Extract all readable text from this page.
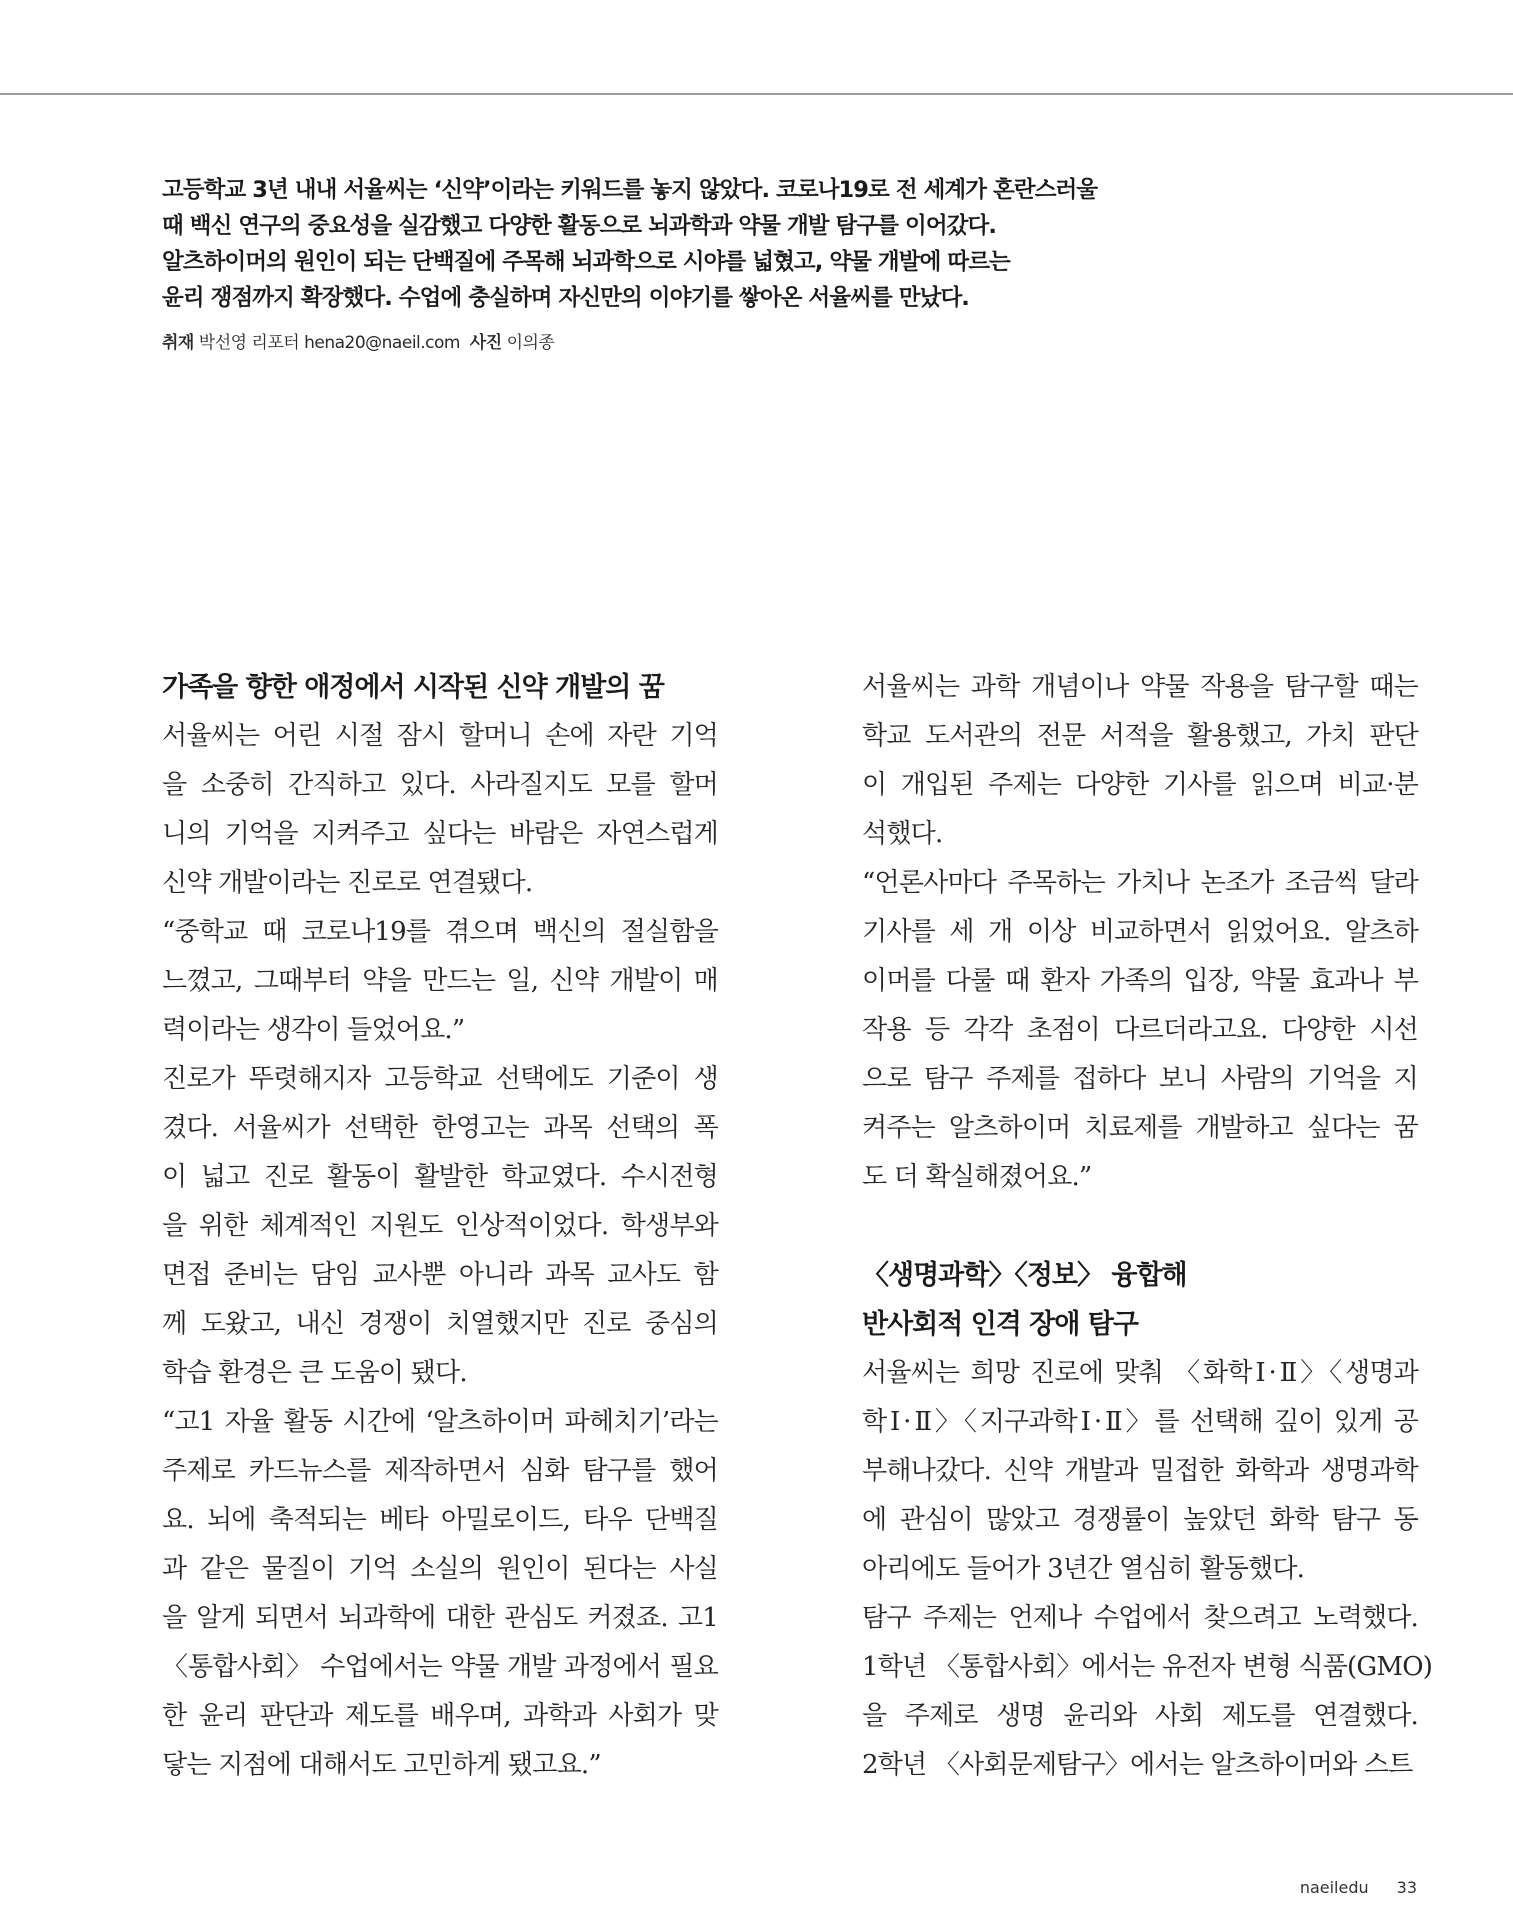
고등학교 3년 내내 서율씨는 ‘신약’이라는 키워드를 놓지 않았다. 코로나19로 전 세계가 혼란스러울
때 백신 연구의 중요성을 실감했고 다양한 활동으로 뇌과학과 약물 개발 탐구를 이어갔다.
알츠하이머의 원인이 되는 단백질에 주목해 뇌과학으로 시야를 넓혔고, 약물 개발에 따르는
윤리 쟁점까지 확장했다. 수업에 충실하며 자신만의 이야기를 쌓아온 서율씨를 만났다.
취재 박선영 리포터 hena20@naeil.com 사진 이의종
가족을 향한 애정에서 시작된 신약 개발의 꿈
서율씨는 어린 시절 잠시 할머니 손에 자란 기억
을 소중히 간직하고 있다. 사라질지도 모를 할머
니의 기억을 지켜주고 싶다는 바람은 자연스럽게
신약 개발이라는 진로로 연결됐다.
“중학교 때 코로나19를 겪으며 백신의 절실함을
느꼈고, 그때부터 약을 만드는 일, 신약 개발이 매
력이라는 생각이 들었어요.”
진로가 뚜렷해지자 고등학교 선택에도 기준이 생
겼다. 서율씨가 선택한 한영고는 과목 선택의 폭
이 넓고 진로 활동이 활발한 학교였다. 수시전형
을 위한 체계적인 지원도 인상적이었다. 학생부와
면접 준비는 담임 교사뿐 아니라 과목 교사도 함
께 도왔고, 내신 경쟁이 치열했지만 진로 중심의
학습 환경은 큰 도움이 됐다.
“고1 자율 활동 시간에 ‘알츠하이머 파헤치기’라는
주제로 카드뉴스를 제작하면서 심화 탐구를 했어
요. 뇌에 축적되는 베타 아밀로이드, 타우 단백질
과 같은 물질이 기억 소실의 원인이 된다는 사실
을 알게 되면서 뇌과학에 대한 관심도 커졌죠. 고1
〈통합사회〉 수업에서는 약물 개발 과정에서 필요
한 윤리 판단과 제도를 배우며, 과학과 사회가 맞
닿는 지점에 대해서도 고민하게 됐고요.”
서율씨는 과학 개념이나 약물 작용을 탐구할 때는
학교 도서관의 전문 서적을 활용했고, 가치 판단
이 개입된 주제는 다양한 기사를 읽으며 비교·분
석했다.
“언론사마다 주목하는 가치나 논조가 조금씩 달라
기사를 세 개 이상 비교하면서 읽었어요. 알츠하
이머를 다룰 때 환자 가족의 입장, 약물 효과나 부
작용 등 각각 초점이 다르더라고요. 다양한 시선
으로 탐구 주제를 접하다 보니 사람의 기억을 지
켜주는 알츠하이머 치료제를 개발하고 싶다는 꿈
도 더 확실해졌어요.”
〈생명과학〉〈정보〉 융합해
반사회적 인격 장애 탐구
서율씨는 희망 진로에 맞춰 〈화학Ⅰ·Ⅱ〉〈생명과
학Ⅰ·Ⅱ〉〈지구과학Ⅰ·Ⅱ〉를 선택해 깊이 있게 공
부해나갔다. 신약 개발과 밀접한 화학과 생명과학
에 관심이 많았고 경쟁률이 높았던 화학 탐구 동
아리에도 들어가 3년간 열심히 활동했다.
탐구 주제는 언제나 수업에서 찾으려고 노력했다.
1학년 〈통합사회〉에서는 유전자 변형 식품(GMO)
을 주제로 생명 윤리와 사회 제도를 연결했다.
2학년 〈사회문제탐구〉에서는 알츠하이머와 스트
naeiledu 33
